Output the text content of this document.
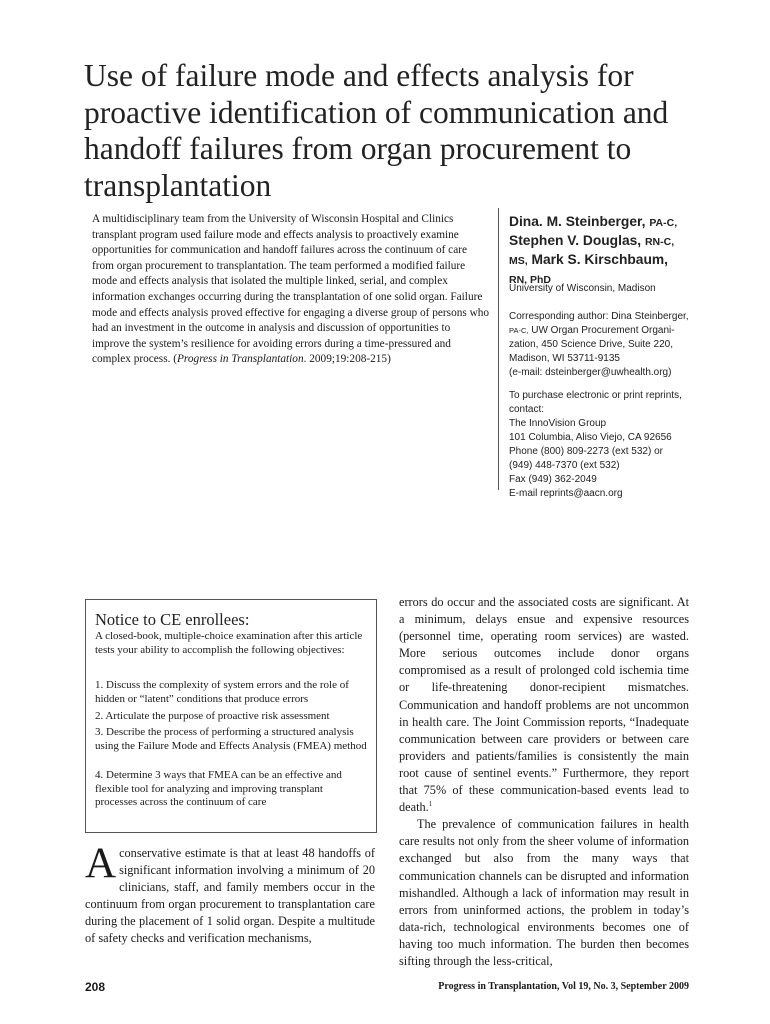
Use of failure mode and effects analysis for proactive identification of communication and handoff failures from organ procurement to transplantation
A multidisciplinary team from the University of Wisconsin Hospital and Clinics transplant program used failure mode and effects analysis to proactively examine opportunities for communication and handoff failures across the continuum of care from organ procurement to transplantation. The team performed a modified failure mode and effects analysis that isolated the multiple linked, serial, and complex information exchanges occurring during the transplantation of one solid organ. Failure mode and effects analysis proved effective for engaging a diverse group of persons who had an investment in the outcome in analysis and discussion of opportunities to improve the system’s resilience for avoiding errors during a time-pressured and complex process. (Progress in Transplantation. 2009;19:208-215)
Dina. M. Steinberger, PA-C,
Stephen V. Douglas, RN-C,
MS, Mark S. Kirschbaum,
RN, PhD
University of Wisconsin, Madison
Corresponding author: Dina Steinberger,
PA-C, UW Organ Procurement Organi-
zation, 450 Science Drive, Suite 220,
Madison, WI 53711-9135
(e-mail: dsteinberger@uwhealth.org)
To purchase electronic or print reprints,
contact:
The InnoVision Group
101 Columbia, Aliso Viejo, CA 92656
Phone (800) 809-2273 (ext 532) or
(949) 448-7370 (ext 532)
Fax (949) 362-2049
E-mail reprints@aacn.org
Notice to CE enrollees:
A closed-book, multiple-choice examination after this article tests your ability to accomplish the following objectives:
1. Discuss the complexity of system errors and the role of hidden or “latent” conditions that produce errors
2. Articulate the purpose of proactive risk assessment
3. Describe the process of performing a structured analysis using the Failure Mode and Effects Analysis (FMEA) method
4. Determine 3 ways that FMEA can be an effective and flexible tool for analyzing and improving transplant processes across the continuum of care
Aconservative estimate is that at least 48 handoffs of significant information involving a minimum of 20 clinicians, staff, and family members occur in the continuum from organ procurement to transplantation care during the placement of 1 solid organ. Despite a multitude of safety checks and verification mechanisms,

errors do occur and the associated costs are significant. At a minimum, delays ensue and expensive resources (personnel time, operating room services) are wasted. More serious outcomes include donor organs compromised as a result of prolonged cold ischemia time or life-threatening donor-recipient mismatches. Communication and handoff problems are not uncommon in health care. The Joint Commission reports, “Inadequate communication between care providers or between care providers and patients/families is consistently the main root cause of sentinel events.” Furthermore, they report that 75% of these communication-based events lead to death.$^1$

The prevalence of communication failures in health care results not only from the sheer volume of information exchanged but also from the many ways that communication channels can be disrupted and information mishandled. Although a lack of information may result in errors from uninformed actions, the problem in today’s data-rich, technological environments becomes one of having too much information. The burden then becomes sifting through the less-critical,

208	Progress in Transplantation, Vol 19, No. 3, September 2009
